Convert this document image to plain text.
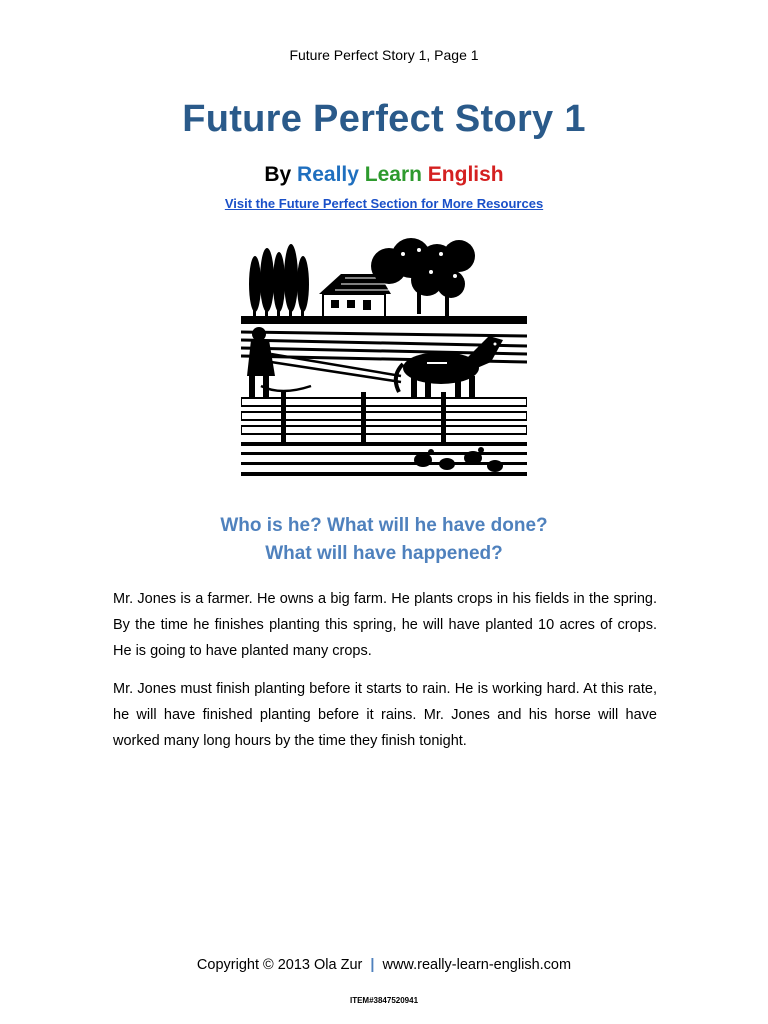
Future Perfect Story 1, Page 1
Future Perfect Story 1
By Really Learn English
Visit the Future Perfect Section for More Resources
Who is he? What will he have done?
What will have happened?
Mr. Jones is a farmer. He owns a big farm. He plants crops in his fields in the spring. By the time he finishes planting this spring, he will have planted 10 acres of crops. He is going to have planted many crops.
Mr. Jones must finish planting before it starts to rain. He is working hard. At this rate, he will have finished planting before it rains. Mr. Jones and his horse will have worked many long hours by the time they finish tonight.
Copyright © 2013 Ola Zur | www.really-learn-english.com
ITEM#3847520941
